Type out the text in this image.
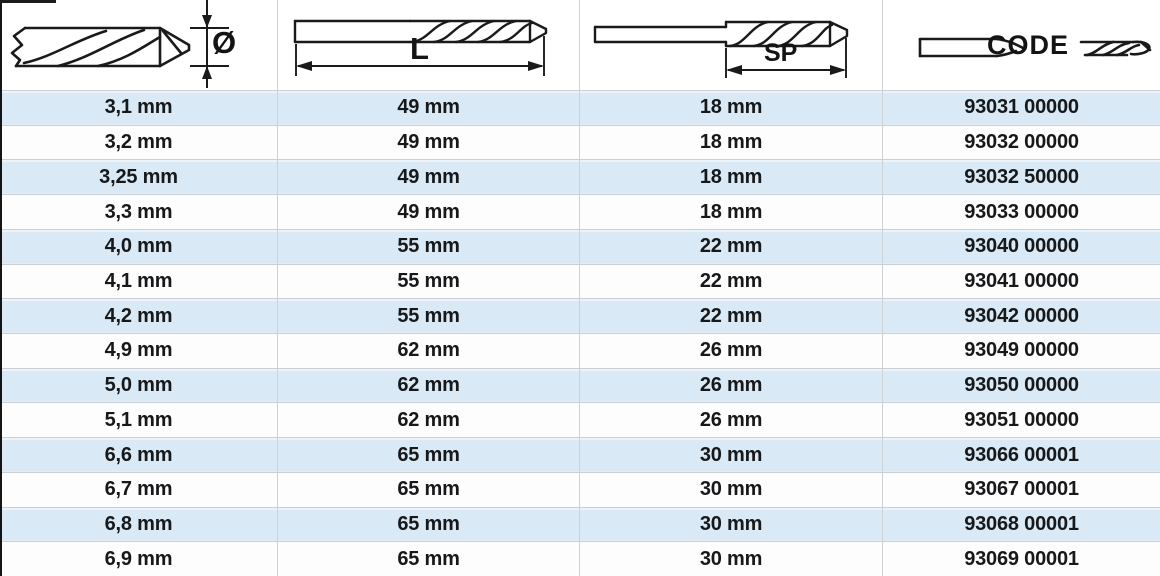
Ø	L	SP	CODE
3,1 mm	49 mm	18 mm	93031 00000
3,2 mm	49 mm	18 mm	93032 00000
3,25 mm	49 mm	18 mm	93032 50000
3,3 mm	49 mm	18 mm	93033 00000
4,0 mm	55 mm	22 mm	93040 00000
4,1 mm	55 mm	22 mm	93041 00000
4,2 mm	55 mm	22 mm	93042 00000
4,9 mm	62 mm	26 mm	93049 00000
5,0 mm	62 mm	26 mm	93050 00000
5,1 mm	62 mm	26 mm	93051 00000
6,6 mm	65 mm	30 mm	93066 00001
6,7 mm	65 mm	30 mm	93067 00001
6,8 mm	65 mm	30 mm	93068 00001
6,9 mm	65 mm	30 mm	93069 00001
